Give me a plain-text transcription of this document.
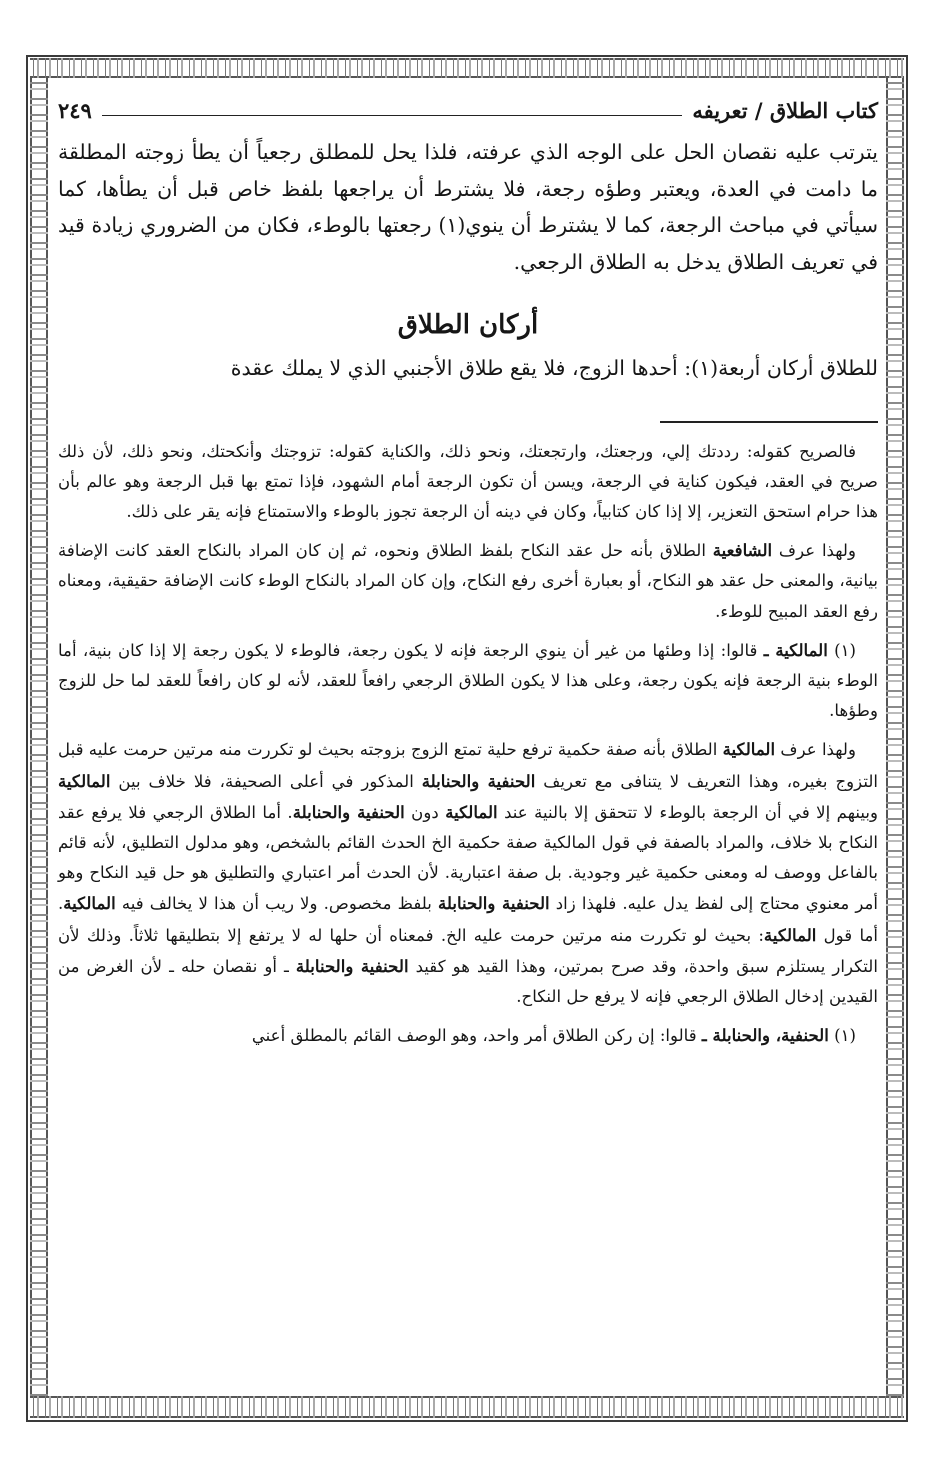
كتاب الطلاق / تعريفه
٢٤٩

يترتب عليه نقصان الحل على الوجه الذي عرفته، فلذا يحل للمطلق رجعياً أن يطأ زوجته المطلقة ما دامت في العدة، ويعتبر وطؤه رجعة، فلا يشترط أن يراجعها بلفظ خاص قبل أن يطأها، كما سيأتي في مباحث الرجعة، كما لا يشترط أن ينوي(١) رجعتها بالوطء، فكان من الضروري زيادة قيد في تعريف الطلاق يدخل به الطلاق الرجعي.

أركان الطلاق

للطلاق أركان أربعة(١): أحدها الزوج، فلا يقع طلاق الأجنبي الذي لا يملك عقدة

فالصريح كقوله: رددتك إلي، ورجعتك، وارتجعتك، ونحو ذلك، والكناية كقوله: تزوجتك وأنكحتك، ونحو ذلك، لأن ذلك صريح في العقد، فيكون كناية في الرجعة، ويسن أن تكون الرجعة أمام الشهود، فإذا تمتع بها قبل الرجعة وهو عالم بأن هذا حرام استحق التعزير، إلا إذا كان كتابياً، وكان في دينه أن الرجعة تجوز بالوطء والاستمتاع فإنه يقر على ذلك.

ولهذا عرف الشافعية الطلاق بأنه حل عقد النكاح بلفظ الطلاق ونحوه، ثم إن كان المراد بالنكاح العقد كانت الإضافة بيانية، والمعنى حل عقد هو النكاح، أو بعبارة أخرى رفع النكاح، وإن كان المراد بالنكاح الوطء كانت الإضافة حقيقية، ومعناه رفع العقد المبيح للوطء.

(١) المالكية ـ قالوا: إذا وطئها من غير أن ينوي الرجعة فإنه لا يكون رجعة، فالوطء لا يكون رجعة إلا إذا كان بنية، أما الوطء بنية الرجعة فإنه يكون رجعة، وعلى هذا لا يكون الطلاق الرجعي رافعاً للعقد، لأنه لو كان رافعاً للعقد لما حل للزوج وطؤها.

ولهذا عرف المالكية الطلاق بأنه صفة حكمية ترفع حلية تمتع الزوج بزوجته بحيث لو تكررت منه مرتين حرمت عليه قبل التزوج بغيره، وهذا التعريف لا يتنافى مع تعريف الحنفية والحنابلة المذكور في أعلى الصحيفة، فلا خلاف بين المالكية وبينهم إلا في أن الرجعة بالوطء لا تتحقق إلا بالنية عند المالكية دون الحنفية والحنابلة. أما الطلاق الرجعي فلا يرفع عقد النكاح بلا خلاف، والمراد بالصفة في قول المالكية صفة حكمية الخ الحدث القائم بالشخص، وهو مدلول التطليق، لأنه قائم بالفاعل ووصف له ومعنى حكمية غير وجودية. بل صفة اعتبارية. لأن الحدث أمر اعتباري والتطليق هو حل قيد النكاح وهو أمر معنوي محتاج إلى لفظ يدل عليه. فلهذا زاد الحنفية والحنابلة بلفظ مخصوص. ولا ريب أن هذا لا يخالف فيه المالكية. أما قول المالكية: بحيث لو تكررت منه مرتين حرمت عليه الخ. فمعناه أن حلها له لا يرتفع إلا بتطليقها ثلاثاً. وذلك لأن التكرار يستلزم سبق واحدة، وقد صرح بمرتين، وهذا القيد هو كقيد الحنفية والحنابلة ـ أو نقصان حله ـ لأن الغرض من القيدين إدخال الطلاق الرجعي فإنه لا يرفع حل النكاح.

(١) الحنفية، والحنابلة ـ قالوا: إن ركن الطلاق أمر واحد، وهو الوصف القائم بالمطلق أعني
